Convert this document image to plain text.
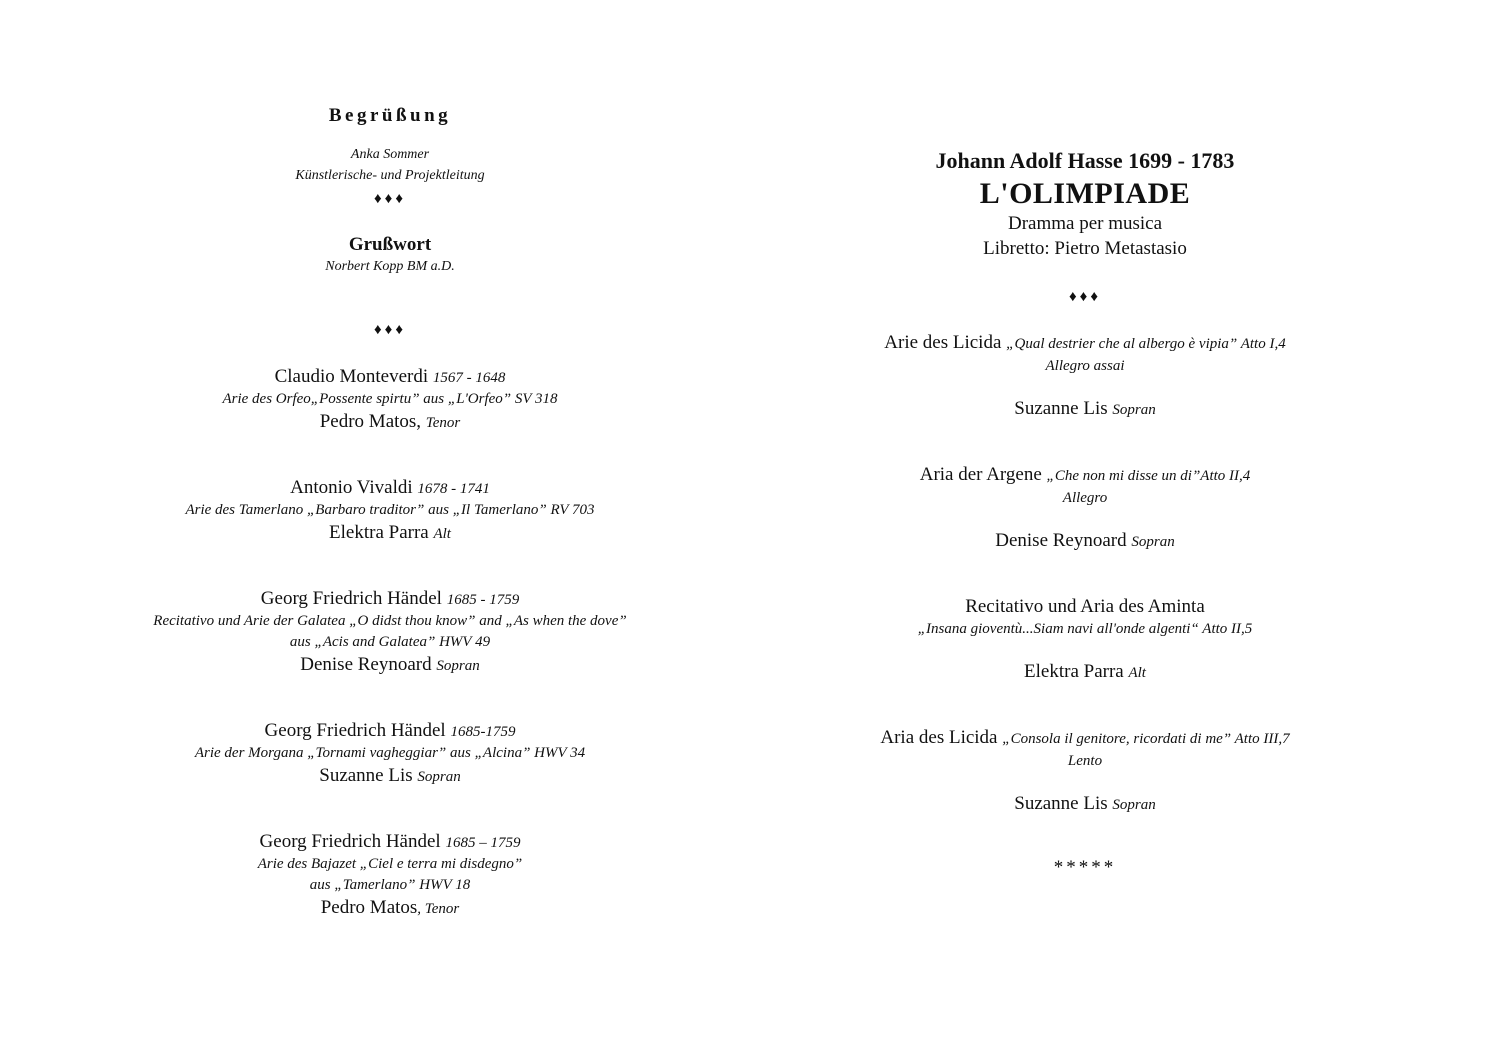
Begrüßung
Anka Sommer
Künstlerische- und Projektleitung
♦♦♦
Grußwort
Norbert Kopp BM a.D.
♦♦♦
Claudio Monteverdi 1567 - 1648
Arie des Orfeo„Possente spirtu” aus „L'Orfeo” SV 318
Pedro Matos, Tenor
Antonio Vivaldi 1678 - 1741
Arie des Tamerlano „Barbaro traditor” aus „Il Tamerlano” RV 703
Elektra Parra Alt
Georg Friedrich Händel 1685 - 1759
Recitativo und Arie der Galatea „O didst thou know” and „As when the dove”
aus „Acis and Galatea” HWV 49
Denise Reynoard Sopran
Georg Friedrich Händel 1685-1759
Arie der Morgana „Tornami vagheggiar” aus „Alcina” HWV 34
Suzanne Lis Sopran
Georg Friedrich Händel 1685 – 1759
Arie des Bajazet „Ciel e terra mi disdegno”
aus „Tamerlano” HWV 18
Pedro Matos, Tenor
Johann Adolf Hasse 1699 - 1783
L'OLIMPIADE
Dramma per musica
Libretto: Pietro Metastasio
♦♦♦
Arie des Licida „Qual destrier che al albergo è vipia” Atto I,4
Allegro assai
Suzanne Lis Sopran
Aria der Argene „Che non mi disse un di”Atto II,4
Allegro
Denise Reynoard Sopran
Recitativo und Aria des Aminta
„Insana gioventù...Siam navi all'onde algenti“ Atto II,5
Elektra Parra Alt
Aria des Licida „Consola il genitore, ricordati di me” Atto III,7
Lento
Suzanne Lis Sopran
*****
